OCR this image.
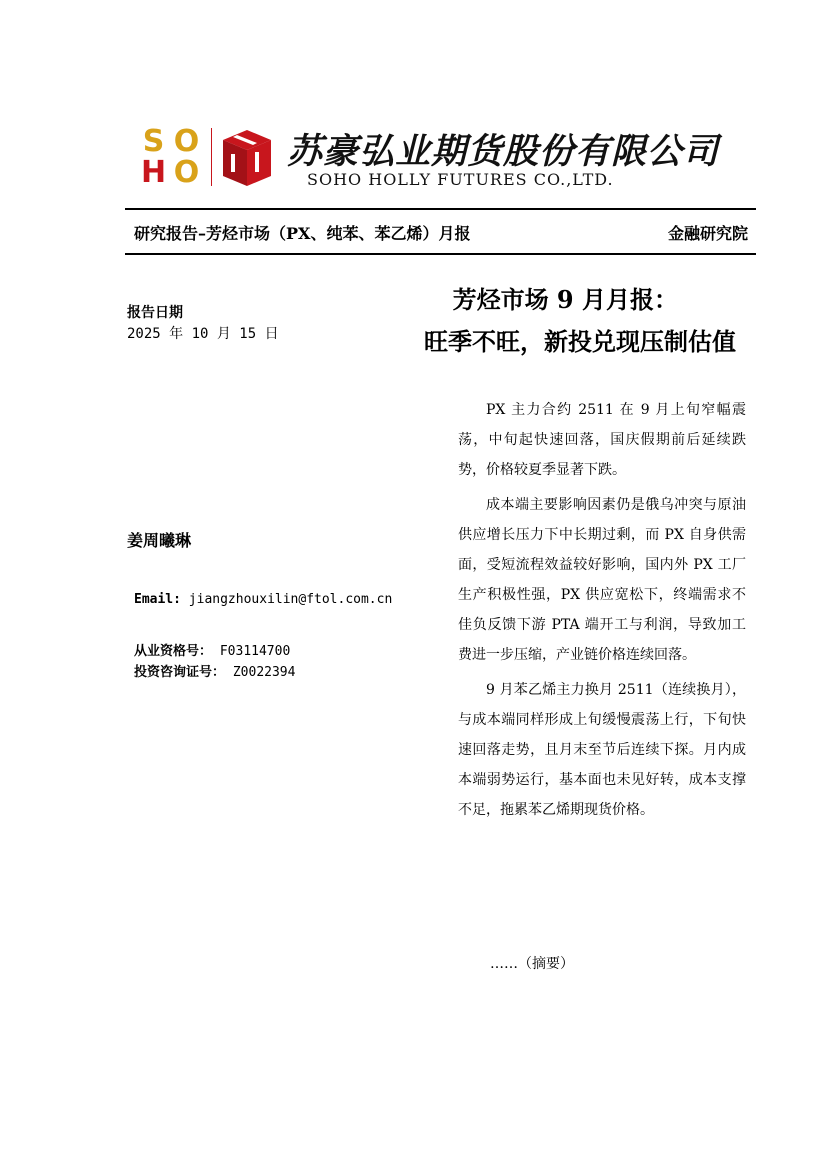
S O
H O
苏豪弘业期货股份有限公司
SOHO HOLLY FUTURES CO.,LTD.
研究报告–芳烃市场（PX、纯苯、苯乙烯）月报	金融研究院
报告日期
2025 年 10 月 15 日
姜周曦琳
Email: jiangzhouxilin@ftol.com.cn
从业资格号： F03114700
投资咨询证号： Z0022394
芳烃市场 9 月月报：
旺季不旺，新投兑现压制估值

PX 主力合约 2511 在 9 月上旬窄幅震荡，中旬起快速回落，国庆假期前后延续跌势，价格较夏季显著下跌。

成本端主要影响因素仍是俄乌冲突与原油供应增长压力下中长期过剩，而 PX 自身供需面，受短流程效益较好影响，国内外 PX 工厂生产积极性强，PX 供应宽松下，终端需求不佳负反馈下游 PTA 端开工与利润，导致加工费进一步压缩，产业链价格连续回落。

9 月苯乙烯主力换月 2511（连续换月），与成本端同样形成上旬缓慢震荡上行，下旬快速回落走势，且月末至节后连续下探。月内成本端弱势运行，基本面也未见好转，成本支撑不足，拖累苯乙烯期现货价格。

……（摘要）
